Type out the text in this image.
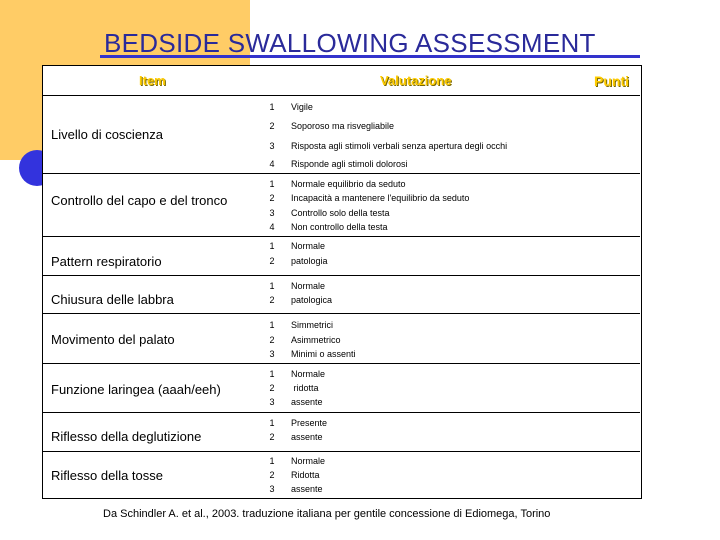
BEDSIDE SWALLOWING ASSESSMENT
Item	Valutazione	Punti
Livello di coscienza
1	Vigile
2	Soporoso ma risvegliabile
3	Risposta agli stimoli verbali senza apertura degli occhi
4	Risponde agli stimoli dolorosi
Controllo del capo e del tronco
1	Normale equilibrio da seduto
2	Incapacità a mantenere l'equilibrio da seduto
3	Controllo solo della testa
4	Non controllo della testa
Pattern respiratorio
1	Normale
2	patologia
Chiusura delle labbra
1	Normale
2	patologica
Movimento del palato
1	Simmetrici
2	Asimmetrico
3	Minimi o assenti
Funzione laringea (aaah/eeh)
1	Normale
2	ridotta
3	assente
Riflesso della deglutizione
1	Presente
2	assente
Riflesso della tosse
1	Normale
2	Ridotta
3	assente
Da Schindler A. et al., 2003. traduzione italiana per gentile concessione di Ediomega, Torino
